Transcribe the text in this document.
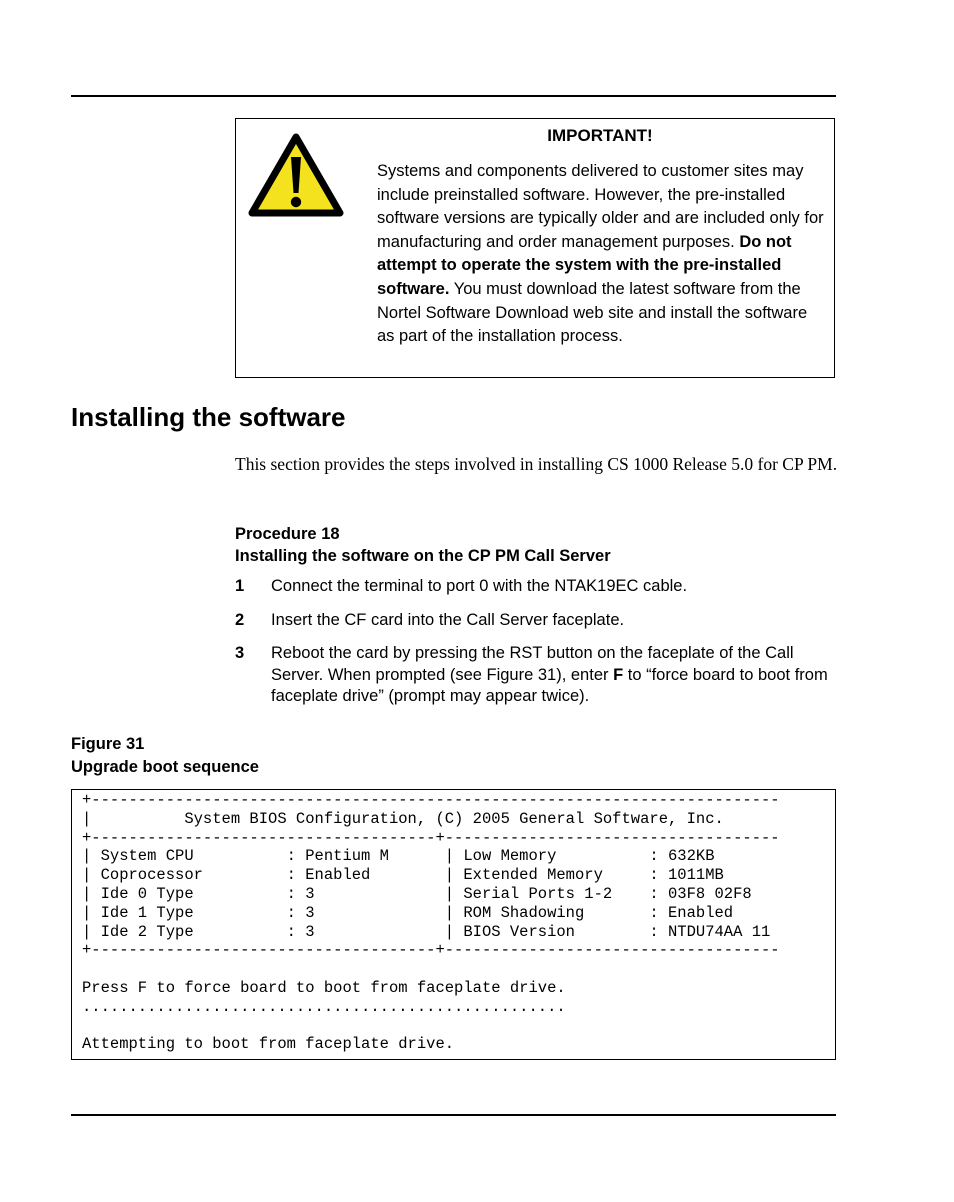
IMPORTANT!
Systems and components delivered to customer sites may include preinstalled software. However, the pre-installed software versions are typically older and are included only for manufacturing and order management purposes. Do not attempt to operate the system with the pre-installed software. You must download the latest software from the Nortel Software Download web site and install the software as part of the installation process.
Installing the software

This section provides the steps involved in installing CS 1000 Release 5.0 for CP PM.

Procedure 18
Installing the software on the CP PM Call Server
1 Connect the terminal to port 0 with the NTAK19EC cable.
2 Insert the CF card into the Call Server faceplate.
3 Reboot the card by pressing the RST button on the faceplate of the Call Server. When prompted (see Figure 31), enter F to “force board to boot from faceplate drive” (prompt may appear twice).
Figure 31
Upgrade boot sequence
+--------------------------------------------------------------------------
|          System BIOS Configuration, (C) 2005 General Software, Inc.
+-------------------------------------+------------------------------------
| System CPU          : Pentium M      | Low Memory          : 632KB
| Coprocessor         : Enabled        | Extended Memory     : 1011MB
| Ide 0 Type          : 3              | Serial Ports 1-2    : 03F8 02F8
| Ide 1 Type          : 3              | ROM Shadowing       : Enabled
| Ide 2 Type          : 3              | BIOS Version        : NTDU74AA 11
+-------------------------------------+------------------------------------

Press F to force board to boot from faceplate drive.
....................................................

Attempting to boot from faceplate drive.
